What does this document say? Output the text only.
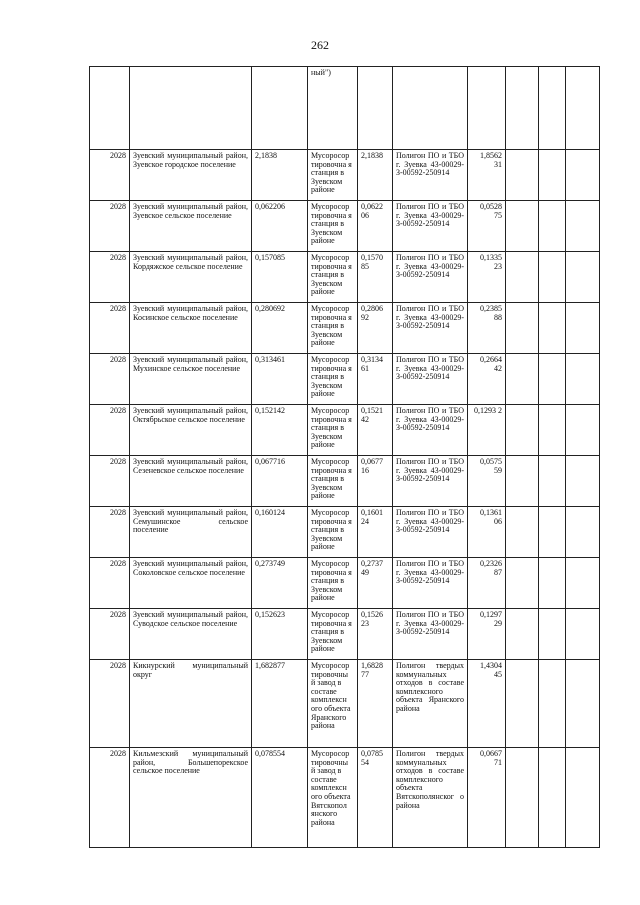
262
			ный")						
2028	Зуевский муниципальный район, Зуевское городское поселение	2,1838	Мусоросор тировочна я станция в Зуевском районе	2,1838	Полигон ПО и ТБО г. Зуевка 43-00029-З-00592-250914	1,8562 31			
2028	Зуевский муниципальный район, Зуевское сельское поселение	0,062206	Мусоросор тировочна я станция в Зуевском районе	0,0622 06	Полигон ПО и ТБО г. Зуевка 43-00029-З-00592-250914	0,0528 75			
2028	Зуевский муниципальный район, Кордяжское сельское поселение	0,157085	Мусоросор тировочна я станция в Зуевском районе	0,1570 85	Полигон ПО и ТБО г. Зуевка 43-00029-З-00592-250914	0,1335 23			
2028	Зуевский муниципальный район, Косинское сельское поселение	0,280692	Мусоросор тировочна я станция в Зуевском районе	0,2806 92	Полигон ПО и ТБО г. Зуевка 43-00029-З-00592-250914	0,2385 88			
2028	Зуевский муниципальный район, Мухинское сельское поселение	0,313461	Мусоросор тировочна я станция в Зуевском районе	0,3134 61	Полигон ПО и ТБО г. Зуевка 43-00029-З-00592-250914	0,2664 42			
2028	Зуевский муниципальный район, Октябрьское сельское поселение	0,152142	Мусоросор тировочна я станция в Зуевском районе	0,1521 42	Полигон ПО и ТБО г. Зуевка 43-00029-З-00592-250914	0,1293 2			
2028	Зуевский муниципальный район, Сезеневское сельское поселение	0,067716	Мусоросор тировочна я станция в Зуевском районе	0,0677 16	Полигон ПО и ТБО г. Зуевка 43-00029-З-00592-250914	0,0575 59			
2028	Зуевский муниципальный район, Семушинское сельское поселение	0,160124	Мусоросор тировочна я станция в Зуевском районе	0,1601 24	Полигон ПО и ТБО г. Зуевка 43-00029-З-00592-250914	0,1361 06			
2028	Зуевский муниципальный район, Соколовское сельское поселение	0,273749	Мусоросор тировочна я станция в Зуевском районе	0,2737 49	Полигон ПО и ТБО г. Зуевка 43-00029-З-00592-250914	0,2326 87			
2028	Зуевский муниципальный район, Суводское сельское поселение	0,152623	Мусоросор тировочна я станция в Зуевском районе	0,1526 23	Полигон ПО и ТБО г. Зуевка 43-00029-З-00592-250914	0,1297 29			
2028	Кикнурский муниципальный округ	1,682877	Мусоросор тировочны й завод в составе комплексн ого объекта Яранского района	1,6828 77	Полигон твердых коммунальных отходов в составе комплексного объекта Яранского района	1,4304 45			
2028	Кильмезский муниципальный район, Большепорекское сельское поселение	0,078554	Мусоросор тировочны й завод в составе комплексн ого объекта Вятскопол янского района	0,0785 54	Полигон твердых коммунальных отходов в составе комплексного объекта Вятскополянског о района	0,0667 71			
